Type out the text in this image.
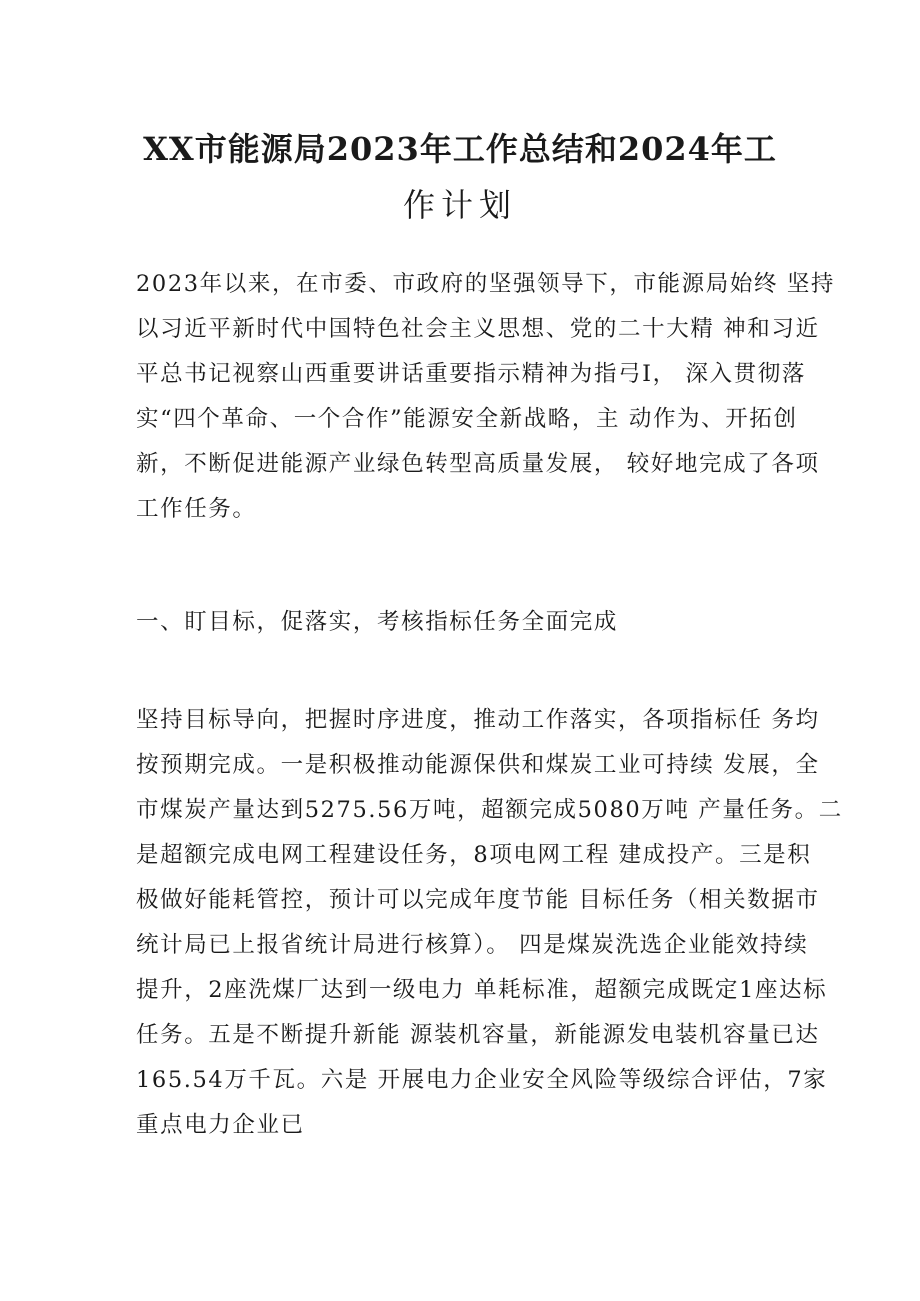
XX市能源局2023年工作总结和2024年工
作计划
2023年以来，在市委、市政府的坚强领导下，市能源局始终 坚持
以习近平新时代中国特色社会主义思想、党的二十大精 神和习近
平总书记视察山西重要讲话重要指示精神为指弓I， 深入贯彻落
实“四个革命、一个合作”能源安全新战略，主 动作为、开拓创
新，不断促进能源产业绿色转型高质量发展， 较好地完成了各项
工作任务。
一、盯目标，促落实，考核指标任务全面完成
坚持目标导向，把握时序进度，推动工作落实，各项指标任 务均
按预期完成。一是积极推动能源保供和煤炭工业可持续 发展，全
市煤炭产量达到5275.56万吨，超额完成5080万吨 产量任务。二
是超额完成电网工程建设任务，8项电网工程 建成投产。三是积
极做好能耗管控，预计可以完成年度节能 目标任务（相关数据市
统计局已上报省统计局进行核算）。 四是煤炭洗选企业能效持续
提升，2座洗煤厂达到一级电力 单耗标准，超额完成既定1座达标
任务。五是不断提升新能 源装机容量，新能源发电装机容量已达
165.54万千瓦。六是 开展电力企业安全风险等级综合评估，7家
重点电力企业已
